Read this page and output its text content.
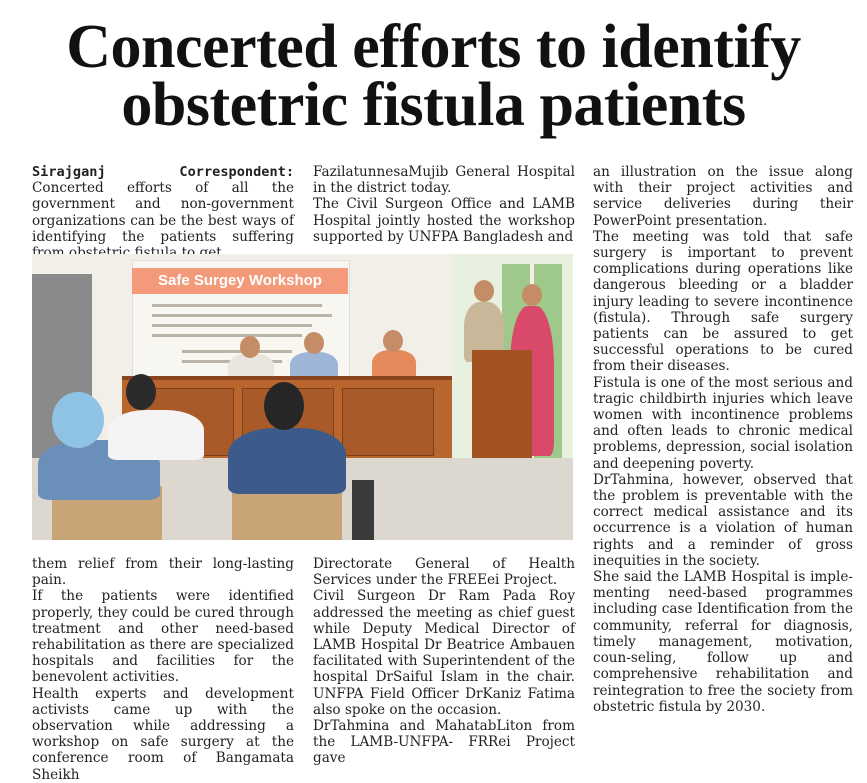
Concerted efforts to identify
obstetric fistula patients

Sirajganj Correspondent: Concerted efforts of all the government and non-government organizations can be the best ways of identifying the patients suffering

FazilatunnesaMujib General Hospital in the district today.

The Civil Surgeon Office and LAMB Hospital jointly hosted the workshop supported by UNFPA Bangladesh and

Safe Surgey Workshop

an illustration on the issue along with their project activities and service deliveries during their PowerPoint presentation.

The meeting was told that safe surgery is important to prevent complications during operations like dangerous bleeding or a bladder injury leading to severe incontinence (fistula). Through safe surgery patients can be assured to get successful operations to be cured from their diseases.

Fistula is one of the most serious and tragic childbirth injuries which leave women with incontinence problems and often leads to chronic medical problems, depression, social isolation and deepening poverty.

DrTahmina, however, observed that the problem is preventable with the correct medical assistance and its occurrence is a violation of human rights and a reminder of gross inequities in the society.

She said the LAMB Hospital is imple-menting need-based programmes including case Identification from the community, referral for diagnosis, timely management, motivation, coun-seling, follow up and comprehensive rehabilitation and reintegration to free the society from obstetric fistula by 2030.

them relief from their long-lasting pain.

If the patients were identified properly, they could be cured through treatment and other need-based rehabilitation as there are specialized hospitals and facilities for the benevolent activities.

Health experts and development activists came up with the observation while addressing a workshop on safe surgery at the conference room of Bangamata Sheikh

Directorate General of Health Services under the FREEei Project.

Civil Surgeon Dr Ram Pada Roy addressed the meeting as chief guest while Deputy Medical Director of LAMB Hospital Dr Beatrice Ambauen facilitated with Superintendent of the hospital DrSaiful Islam in the chair. UNFPA Field Officer DrKaniz Fatima also spoke on the occasion.

DrTahmina and MahatabLiton from the LAMB-UNFPA- FRRei Project gave
